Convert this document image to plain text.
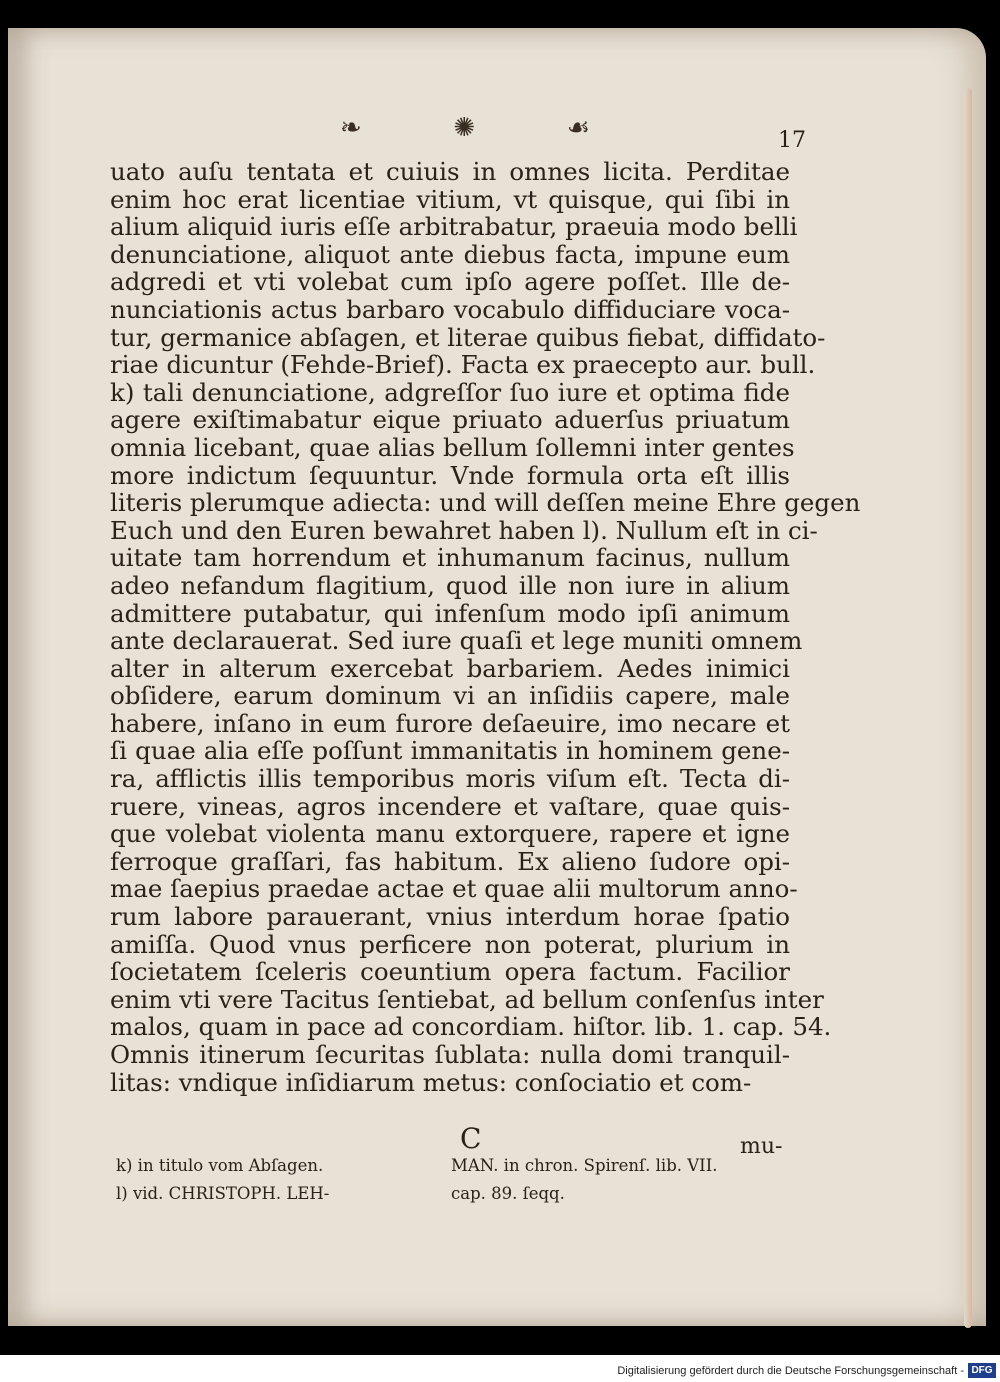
❧	✺	☙	17
uato auſu tentata et cuiuis in omnes licita. Perditae
enim hoc erat licentiae vitium, vt quisque, qui ſibi in
alium aliquid iuris eſſe arbitrabatur, praeuia modo belli
denunciatione, aliquot ante diebus facta, impune eum
adgredi et vti volebat cum ipſo agere poſſet. Ille de-
nunciationis actus barbaro vocabulo diffiduciare voca-
tur, germanice abſagen, et literae quibus fiebat, diffidato-
riae dicuntur (Fehde-Brief). Facta ex praecepto aur. bull.
k) tali denunciatione, adgreſſor ſuo iure et optima fide
agere exiſtimabatur eique priuato aduerſus priuatum
omnia licebant, quae alias bellum ſollemni inter gentes
more indictum ſequuntur. Vnde formula orta eſt illis
literis plerumque adiecta: und will deſſen meine Ehre gegen
Euch und den Euren bewahret haben l). Nullum eſt in ci-
uitate tam horrendum et inhumanum facinus, nullum
adeo nefandum flagitium, quod ille non iure in alium
admittere putabatur, qui infenſum modo ipſi animum
ante declarauerat. Sed iure quaſi et lege muniti omnem
alter in alterum exercebat barbariem. Aedes inimici
obſidere, earum dominum vi an inſidiis capere, male
habere, inſano in eum furore deſaeuire, imo necare et
ſi quae alia eſſe poſſunt immanitatis in hominem gene-
ra, afflictis illis temporibus moris viſum eſt. Tecta di-
ruere, vineas, agros incendere et vaſtare, quae quis-
que volebat violenta manu extorquere, rapere et igne
ferroque graſſari, fas habitum. Ex alieno ſudore opi-
mae ſaepius praedae actae et quae alii multorum anno-
rum labore parauerant, vnius interdum horae ſpatio
amiſſa. Quod vnus perficere non poterat, plurium in
ſocietatem ſceleris coeuntium opera factum. Facilior
enim vti vere Tacitus ſentiebat, ad bellum conſenſus inter
malos, quam in pace ad concordiam. hiſtor. lib. 1. cap. 54.
Omnis itinerum ſecuritas ſublata: nulla domi tranquil-
litas: vndique inſidiarum metus: conſociatio et com-
C	mu-
k) in titulo vom Abſagen.
l) vid. CHRISTOPH. LEH-
MAN. in chron. Spirenſ. lib. VII.
cap. 89. ſeqq.
Digitalisierung gefördert durch die Deutsche Forschungsgemeinschaft - DFG
